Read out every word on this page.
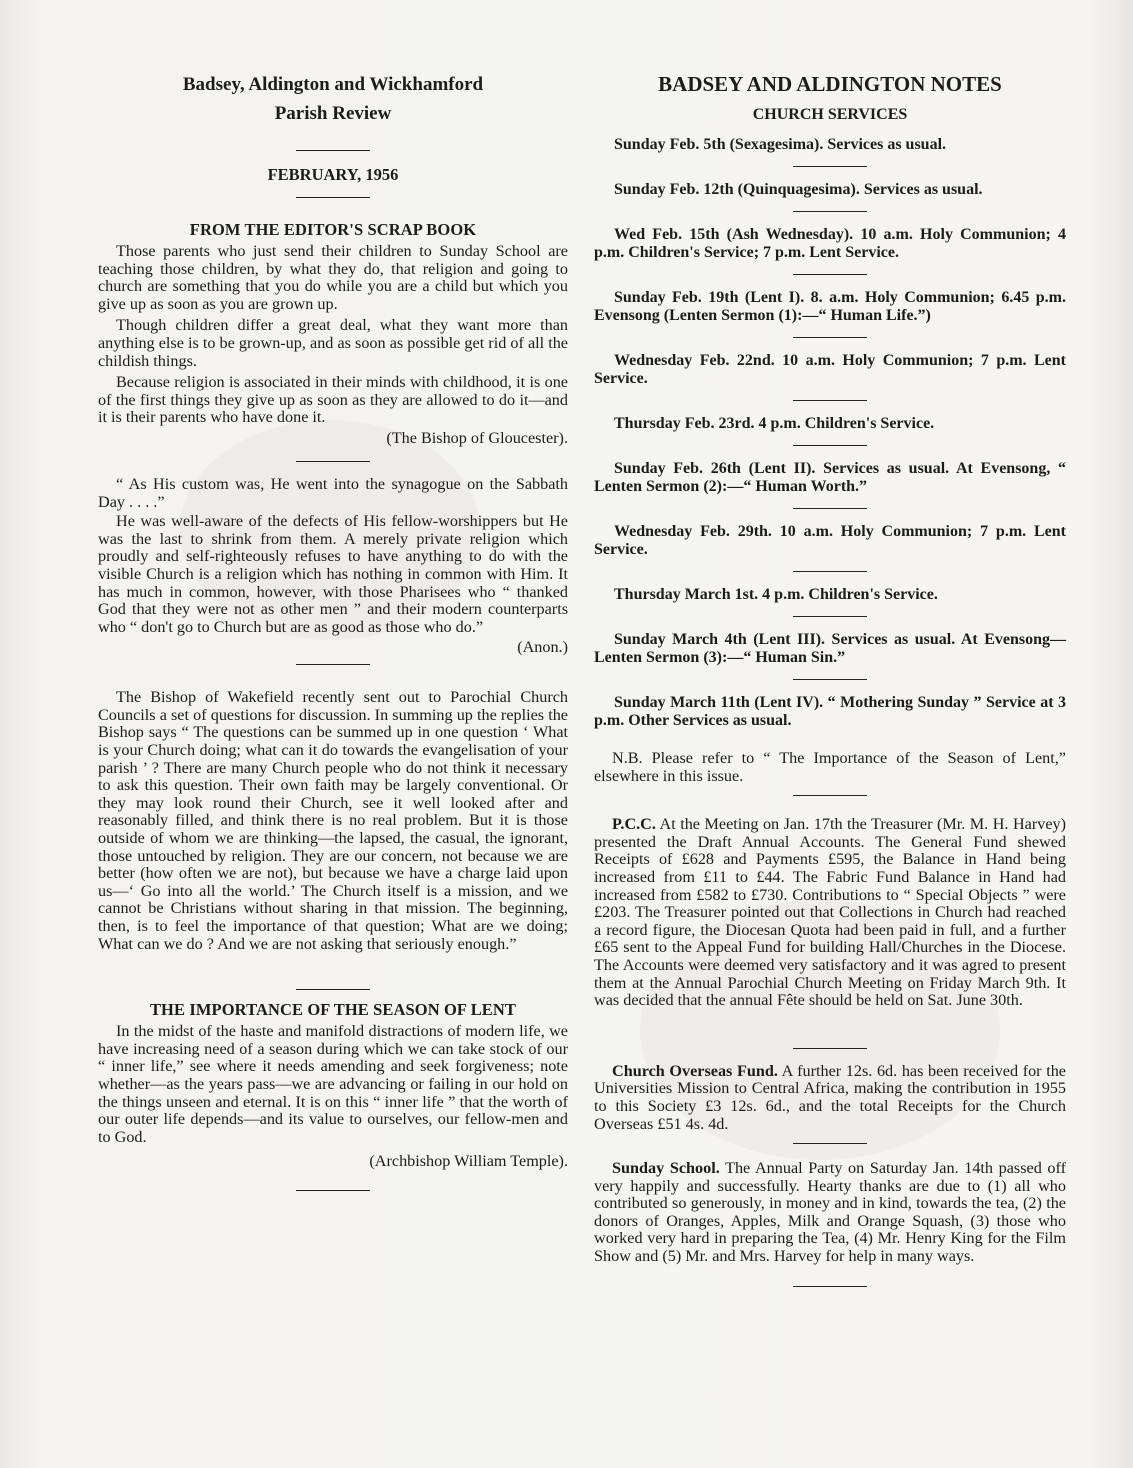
Badsey, Aldington and Wickhamford
Parish Review
FEBRUARY, 1956
FROM THE EDITOR'S SCRAP BOOK

Those parents who just send their children to Sunday School are teaching those children, by what they do, that religion and going to church are something that you do while you are a child but which you give up as soon as you are grown up.

Though children differ a great deal, what they want more than anything else is to be grown-up, and as soon as possible get rid of all the childish things.

Because religion is associated in their minds with childhood, it is one of the first things they give up as soon as they are allowed to do it—and it is their parents who have done it.

(The Bishop of Gloucester).

“ As His custom was, He went into the synagogue on the Sabbath Day . . . .”

He was well-aware of the defects of His fellow-worshippers but He was the last to shrink from them. A merely private religion which proudly and self-righteously refuses to have anything to do with the visible Church is a religion which has nothing in common with Him. It has much in common, however, with those Pharisees who “ thanked God that they were not as other men ” and their modern counterparts who “ don't go to Church but are as good as those who do.”

(Anon.)

The Bishop of Wakefield recently sent out to Parochial Church Councils a set of questions for discussion. In summing up the replies the Bishop says “ The questions can be summed up in one question ‘ What is your Church doing; what can it do towards the evangelisation of your parish ’ ? There are many Church people who do not think it necessary to ask this question. Their own faith may be largely conventional. Or they may look round their Church, see it well looked after and reasonably filled, and think there is no real problem. But it is those outside of whom we are thinking—the lapsed, the casual, the ignorant, those untouched by religion. They are our concern, not because we are better (how often we are not), but because we have a charge laid upon us—‘ Go into all the world.’ The Church itself is a mission, and we cannot be Christians without sharing in that mission. The beginning, then, is to feel the importance of that question; What are we doing; What can we do ? And we are not asking that seriously enough.”

THE IMPORTANCE OF THE SEASON OF LENT

In the midst of the haste and manifold distractions of modern life, we have increasing need of a season during which we can take stock of our “ inner life,” see where it needs amending and seek forgiveness; note whether—as the years pass—we are advancing or failing in our hold on the things unseen and eternal. It is on this “ inner life ” that the worth of our outer life depends—and its value to ourselves, our fellow-men and to God.

(Archbishop William Temple).
BADSEY AND ALDINGTON NOTES
CHURCH SERVICES
Sunday Feb. 5th (Sexagesima). Services as usual.
Sunday Feb. 12th (Quinquagesima). Services as usual.
Wed Feb. 15th (Ash Wednesday). 10 a.m. Holy Communion; 4 p.m. Children's Service; 7 p.m. Lent Service.
Sunday Feb. 19th (Lent I). 8. a.m. Holy Communion; 6.45 p.m. Evensong (Lenten Sermon (1):—“ Human Life.”)
Wednesday Feb. 22nd. 10 a.m. Holy Communion; 7 p.m. Lent Service.
Thursday Feb. 23rd. 4 p.m. Children's Service.
Sunday Feb. 26th (Lent II). Services as usual. At Evensong, “ Lenten Sermon (2):—“ Human Worth.”
Wednesday Feb. 29th. 10 a.m. Holy Communion; 7 p.m. Lent Service.
Thursday March 1st. 4 p.m. Children's Service.
Sunday March 4th (Lent III). Services as usual. At Evensong—Lenten Sermon (3):—“ Human Sin.”
Sunday March 11th (Lent IV). “ Mothering Sunday ” Service at 3 p.m. Other Services as usual.

N.B. Please refer to “ The Importance of the Season of Lent,” elsewhere in this issue.

P.C.C. At the Meeting on Jan. 17th the Treasurer (Mr. M. H. Harvey) presented the Draft Annual Accounts. The General Fund shewed Receipts of £628 and Payments £595, the Balance in Hand being increased from £11 to £44. The Fabric Fund Balance in Hand had increased from £582 to £730. Contributions to “ Special Objects ” were £203. The Treasurer pointed out that Collections in Church had reached a record figure, the Diocesan Quota had been paid in full, and a further £65 sent to the Appeal Fund for building Hall/Churches in the Diocese. The Accounts were deemed very satisfactory and it was agred to present them at the Annual Parochial Church Meeting on Friday March 9th. It was decided that the annual Fête should be held on Sat. June 30th.

Church Overseas Fund. A further 12s. 6d. has been received for the Universities Mission to Central Africa, making the contribution in 1955 to this Society £3 12s. 6d., and the total Receipts for the Church Overseas £51 4s. 4d.

Sunday School. The Annual Party on Saturday Jan. 14th passed off very happily and successfully. Hearty thanks are due to (1) all who contributed so generously, in money and in kind, towards the tea, (2) the donors of Oranges, Apples, Milk and Orange Squash, (3) those who worked very hard in preparing the Tea, (4) Mr. Henry King for the Film Show and (5) Mr. and Mrs. Harvey for help in many ways.
